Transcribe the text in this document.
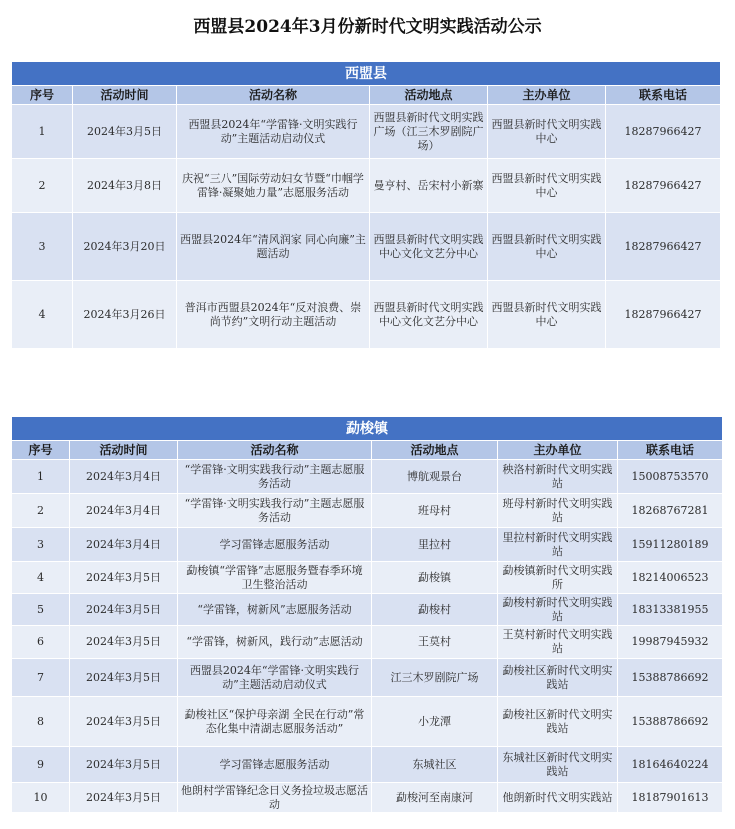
西盟县2024年3月份新时代文明实践活动公示
西盟县					
序号	活动时间	活动名称	活动地点	主办单位	联系电话
1	2024年3月5日	西盟县2024年“学雷锋·文明实践行动”主题活动启动仪式	西盟县新时代文明实践广场（江三木罗剧院广场）	西盟县新时代文明实践中心	18287966427
2	2024年3月8日	庆祝“三八”国际劳动妇女节暨“巾帼学雷锋·凝聚她力量”志愿服务活动	曼亨村、岳宋村小新寨	西盟县新时代文明实践中心	18287966427
3	2024年3月20日	西盟县2024年“清风润家 同心向廉”主题活动	西盟县新时代文明实践中心文化文艺分中心	西盟县新时代文明实践中心	18287966427
4	2024年3月26日	普洱市西盟县2024年“反对浪费、崇尚节约”文明行动主题活动	西盟县新时代文明实践中心文化文艺分中心	西盟县新时代文明实践中心	18287966427
勐梭镇					
序号	活动时间	活动名称	活动地点	主办单位	联系电话
1	2024年3月4日	“学雷锋·文明实践我行动”主题志愿服务活动	博航观景台	秧洛村新时代文明实践站	15008753570
2	2024年3月4日	“学雷锋·文明实践我行动”主题志愿服务活动	班母村	班母村新时代文明实践站	18268767281
3	2024年3月4日	学习雷锋志愿服务活动	里拉村	里拉村新时代文明实践站	15911280189
4	2024年3月5日	勐梭镇“学雷锋”志愿服务暨春季环境卫生整治活动	勐梭镇	勐梭镇新时代文明实践所	18214006523
5	2024年3月5日	“学雷锋，树新风”志愿服务活动	勐梭村	勐梭村新时代文明实践站	18313381955
6	2024年3月5日	“学雷锋，树新风，践行动”志愿活动	王莫村	王莫村新时代文明实践站	19987945932
7	2024年3月5日	西盟县2024年“学雷锋·文明实践行动”主题活动启动仪式	江三木罗剧院广场	勐梭社区新时代文明实践站	15388786692
8	2024年3月5日	勐梭社区“保护母亲湖 全民在行动”常态化集中清湖志愿服务活动”	小龙潭	勐梭社区新时代文明实践站	15388786692
9	2024年3月5日	学习雷锋志愿服务活动	东城社区	东城社区新时代文明实践站	18164640224
10	2024年3月5日	他朗村学雷锋纪念日义务捡垃圾志愿活动	勐梭河至南康河	他朗新时代文明实践站	18187901613
